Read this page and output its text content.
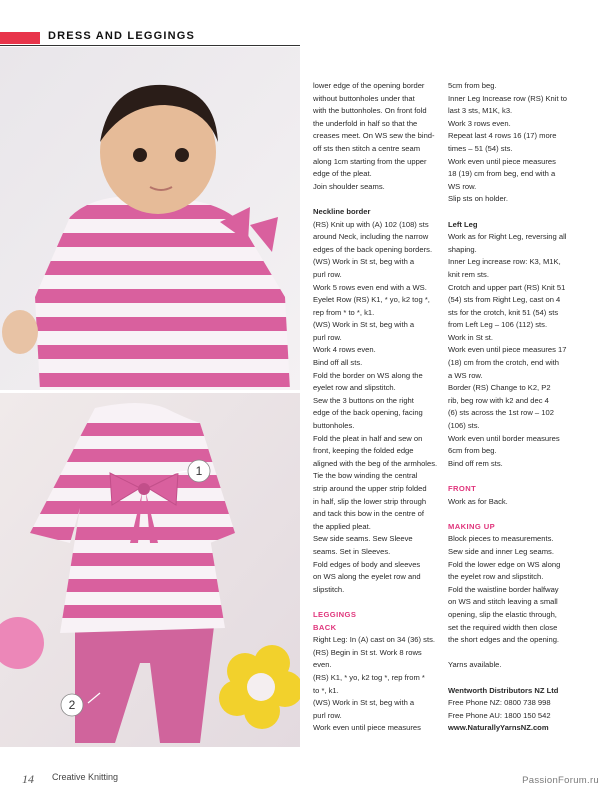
DRESS AND LEGGINGS
1
2

lower edge of the opening border

without buttonholes under that

with the buttonholes. On front fold

the underfold in half so that the

creases meet. On WS sew the bind-

off sts then stitch a centre seam

along 1cm starting from the upper

edge of the pleat.

Join shoulder seams.

Neckline border

(RS) Knit up with (A) 102 (108) sts

around Neck, including the narrow

edges of the back opening borders.

(WS) Work in St st, beg with a

purl row.

Work 5 rows even end with a WS.

Eyelet Row (RS) K1, * yo, k2 tog *,

rep from * to *, k1.

(WS) Work in St st, beg with a

purl row.

Work 4 rows even.

Bind off all sts.

Fold the border on WS along the

eyelet row and slipstitch.

Sew the 3 buttons on the right

edge of the back opening, facing

buttonholes.

Fold the pleat in half and sew on

front, keeping the folded edge

aligned with the beg of the armholes.

Tie the bow winding the central

strip around the upper strip folded

in half, slip the lower strip through

and tack this bow in the centre of

the applied pleat.

Sew side seams. Sew Sleeve

seams. Set in Sleeves.

Fold edges of body and sleeves

on WS along the eyelet row and

slipstitch.

LEGGINGS

BACK

Right Leg: In (A) cast on 34 (36) sts.

(RS) Begin in St st. Work 8 rows

even.

(RS) K1, * yo, k2 tog *, rep from *

to *, k1.

(WS) Work in St st, beg with a

purl row.

Work even until piece measures

5cm from beg.

Inner Leg Increase row (RS) Knit to

last 3 sts, M1K, k3.

Work 3 rows even.

Repeat last 4 rows 16 (17) more

times – 51 (54) sts.

Work even until piece measures

18 (19) cm from beg, end with a

WS row.

Slip sts on holder.

Left Leg

Work as for Right Leg, reversing all

shaping.

Inner Leg increase row: K3, M1K,

knit rem sts.

Crotch and upper part (RS) Knit 51

(54) sts from Right Leg, cast on 4

sts for the crotch, knit 51 (54) sts

from Left Leg – 106 (112) sts.

Work in St st.

Work even until piece measures 17

(18) cm from the crotch, end with

a WS row.

Border (RS) Change to K2, P2

rib, beg row with k2 and dec 4

(6) sts across the 1st row – 102

(106) sts.

Work even until border measures

6cm from beg.

Bind off rem sts.

FRONT

Work as for Back.

MAKING UP

Block pieces to measurements.

Sew side and inner Leg seams.

Fold the lower edge on WS along

the eyelet row and slipstitch.

Fold the waistline border halfway

on WS and stitch leaving a small

opening, slip the elastic through,

set the required width then close

the short edges and the opening.

Yarns available.

Wentworth Distributors NZ Ltd

Free Phone NZ: 0800 738 998

Free Phone AU: 1800 150 542

www.NaturallyYarnsNZ.com

14 Creative Knitting	PassionForum.ru
